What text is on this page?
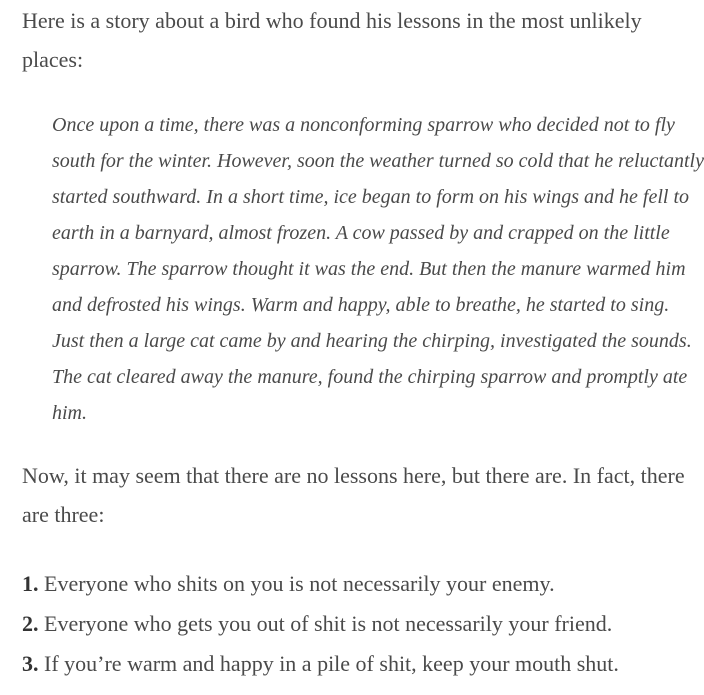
Here is a story about a bird who found his lessons in the most unlikely places:

Once upon a time, there was a nonconforming sparrow who decided not to fly south for the winter. However, soon the weather turned so cold that he reluctantly started southward. In a short time, ice began to form on his wings and he fell to earth in a barnyard, almost frozen. A cow passed by and crapped on the little sparrow. The sparrow thought it was the end. But then the manure warmed him and defrosted his wings. Warm and happy, able to breathe, he started to sing. Just then a large cat came by and hearing the chirping, investigated the sounds. The cat cleared away the manure, found the chirping sparrow and promptly ate him.

Now, it may seem that there are no lessons here, but there are. In fact, there are three:

1. Everyone who shits on you is not necessarily your enemy.
2. Everyone who gets you out of shit is not necessarily your friend.
3. If you’re warm and happy in a pile of shit, keep your mouth shut.
